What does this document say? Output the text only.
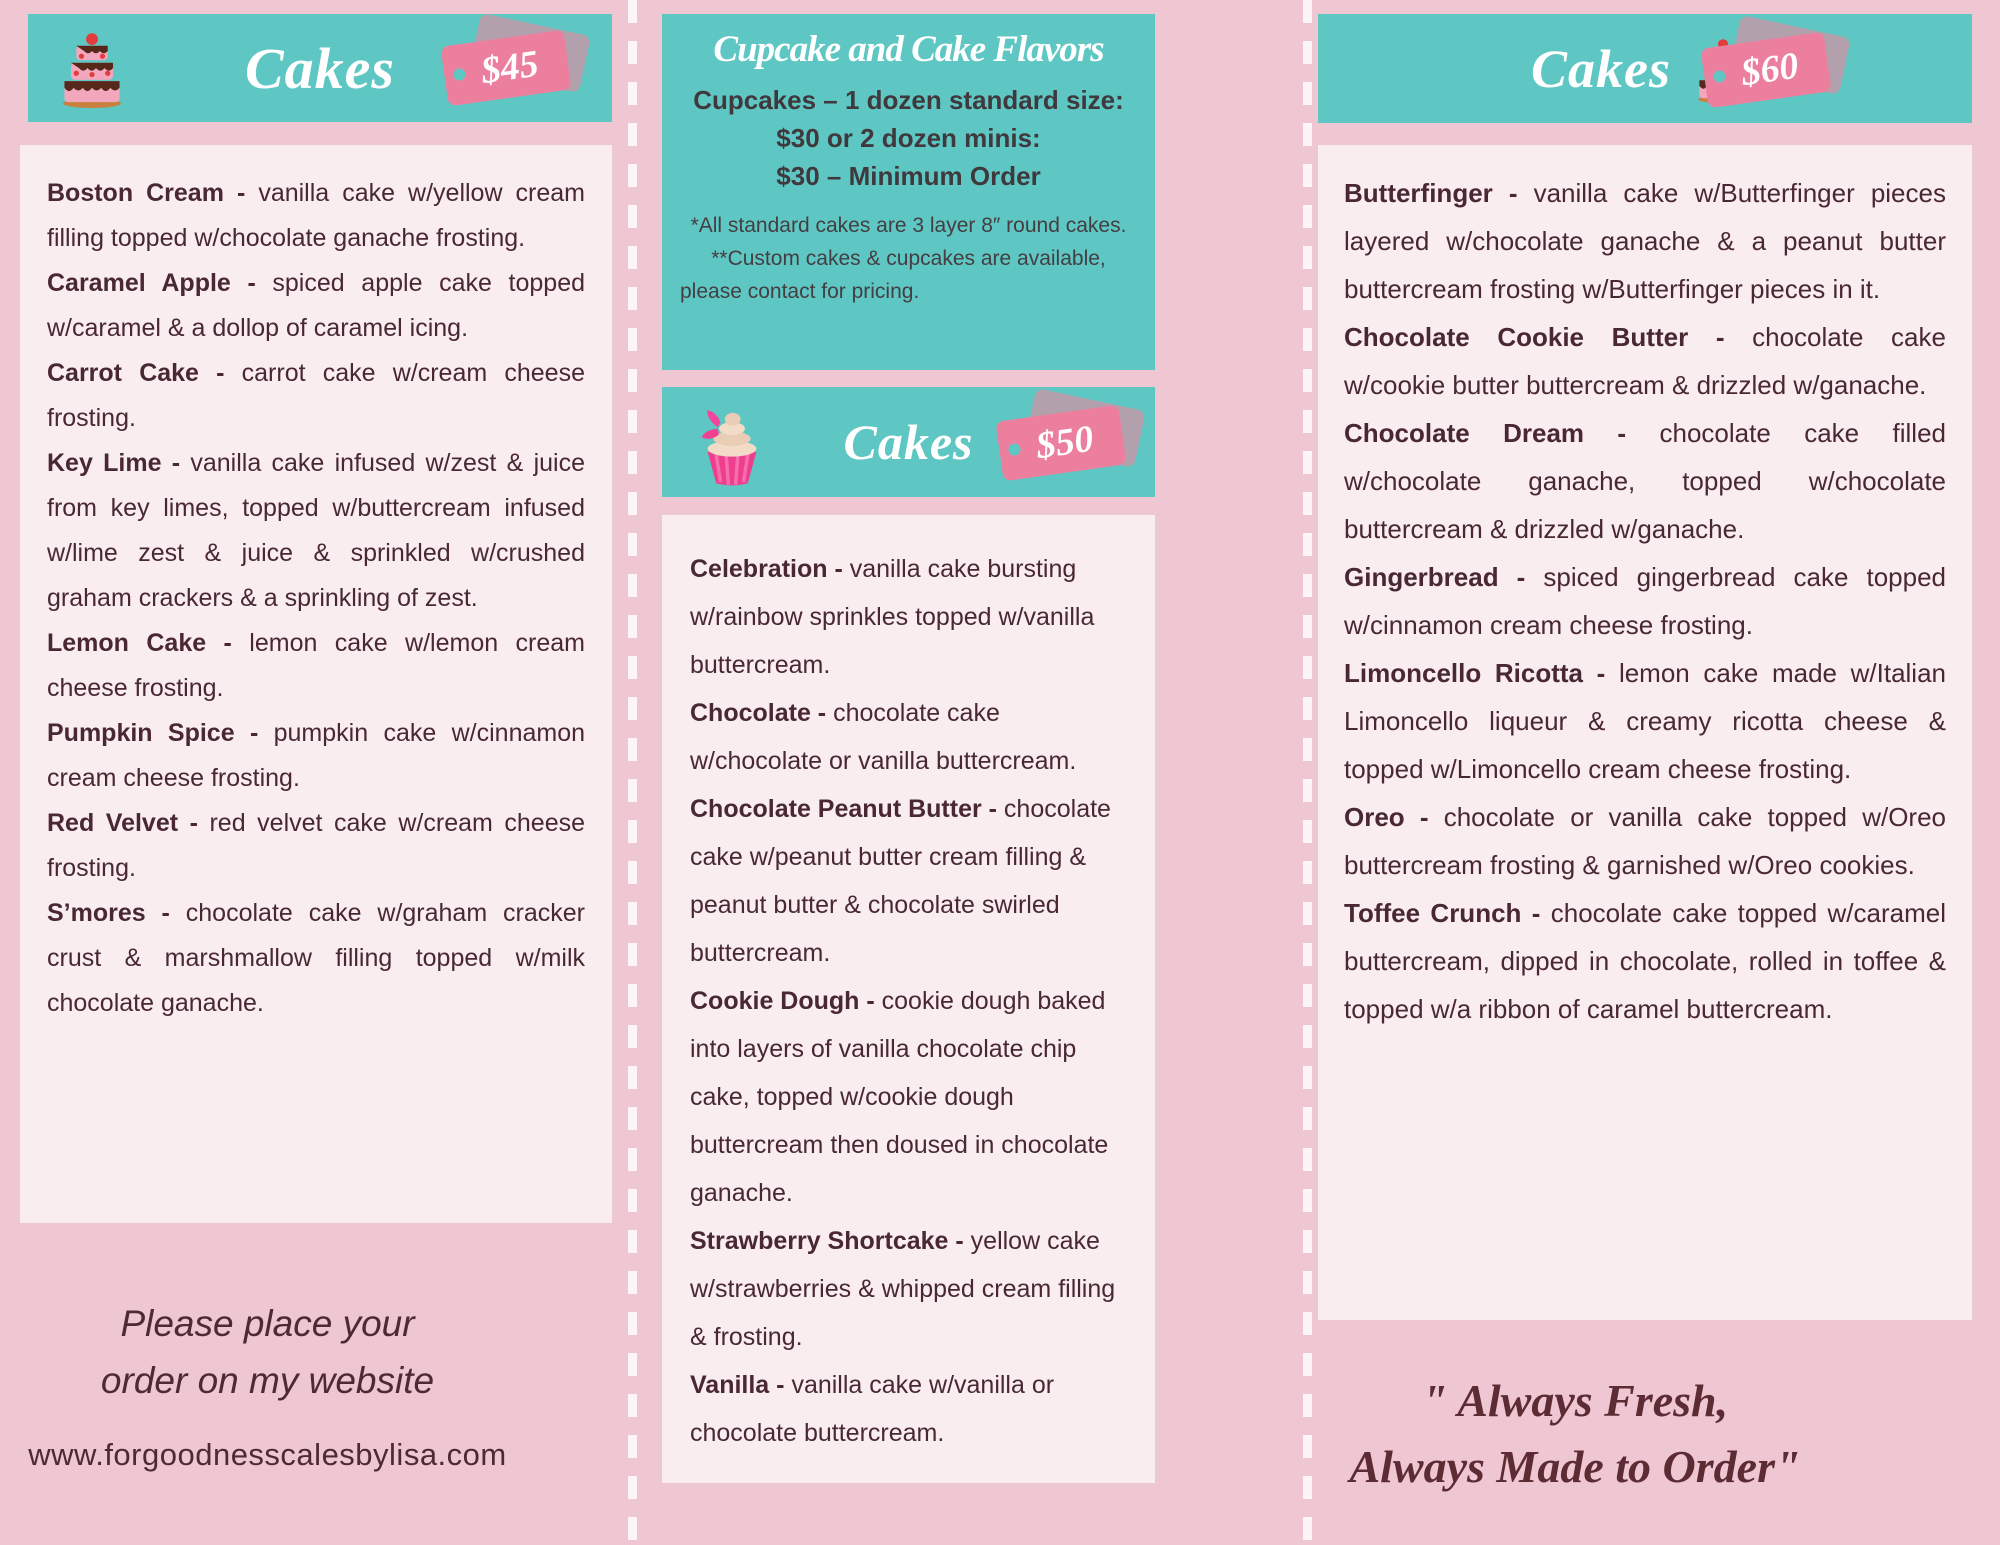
Cakes $45

Boston Cream - vanilla cake w/yellow cream filling topped w/chocolate ganache frosting.

Caramel Apple - spiced apple cake topped w/caramel & a dollop of caramel icing.

Carrot Cake - carrot cake w/cream cheese frosting.

Key Lime - vanilla cake infused w/zest & juice from key limes, topped w/buttercream infused w/lime zest & juice & sprinkled w/crushed graham crackers & a sprinkling of zest.

Lemon Cake - lemon cake w/lemon cream cheese frosting.

Pumpkin Spice - pumpkin cake w/cinnamon cream cheese frosting.

Red Velvet - red velvet cake w/cream cheese frosting.

S’mores - chocolate cake w/graham cracker crust & marshmallow filling topped w/milk chocolate ganache.

Please place your
order on my website
www.forgoodnesscalesbylisa.com
Cupcake and Cake Flavors
Cupcakes – 1 dozen standard size:
$30 or 2 dozen minis:
$30 – Minimum Order
*All standard cakes are 3 layer 8″ round cakes.
**Custom cakes & cupcakes are available,
please contact for pricing.
Cakes $50

Celebration - vanilla cake bursting w/rainbow sprinkles topped w/vanilla buttercream.

Chocolate - chocolate cake w/chocolate or vanilla buttercream.

Chocolate Peanut Butter - chocolate cake w/peanut butter cream filling & peanut butter & chocolate swirled buttercream.

Cookie Dough - cookie dough baked into layers of vanilla chocolate chip cake, topped w/cookie dough buttercream then doused in chocolate ganache.

Strawberry Shortcake - yellow cake w/strawberries & whipped cream filling & frosting.

Vanilla - vanilla cake w/vanilla or chocolate buttercream.

Cakes $60

Butterfinger - vanilla cake w/Butterfinger pieces layered w/chocolate ganache & a peanut butter buttercream frosting w/Butterfinger pieces in it.

Chocolate Cookie Butter - chocolate cake w/cookie butter buttercream & drizzled w/ganache.

Chocolate Dream - chocolate cake filled w/chocolate ganache, topped w/chocolate buttercream & drizzled w/ganache.

Gingerbread - spiced gingerbread cake topped w/cinnamon cream cheese frosting.

Limoncello Ricotta - lemon cake made w/Italian Limoncello liqueur & creamy ricotta cheese & topped w/Limoncello cream cheese frosting.

Oreo - chocolate or vanilla cake topped w/Oreo buttercream frosting & garnished w/Oreo cookies.

Toffee Crunch - chocolate cake topped w/caramel buttercream, dipped in chocolate, rolled in toffee & topped w/a ribbon of caramel buttercream.

" Always Fresh,
Always Made to Order"
